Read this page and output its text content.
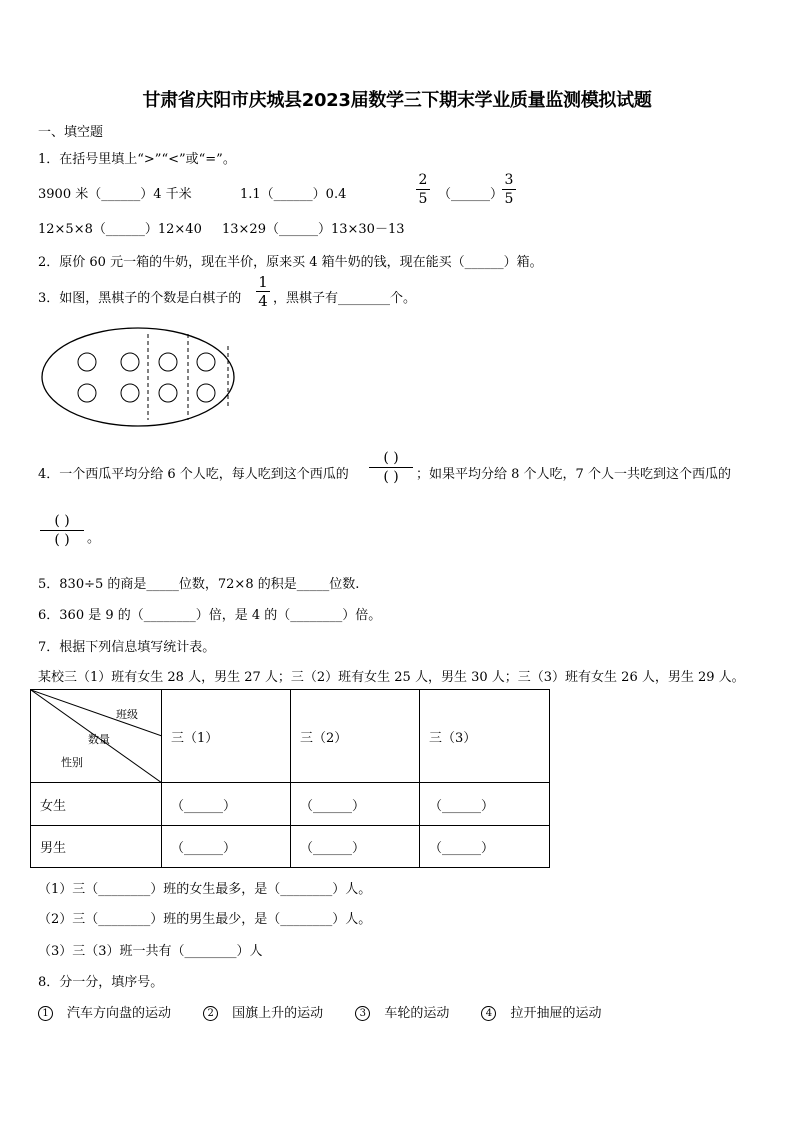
甘肃省庆阳市庆城县2023届数学三下期末学业质量监测模拟试题
一、填空题
1．在括号里填上“>”“<”或“=”。
3900 米（______）4 千米	1.1（______）0.4
2
5 （______）
3
5
12×5×8（______）12×40 13×29（______）13×30－13
2．原价 60 元一箱的牛奶，现在半价，原来买 4 箱牛奶的钱，现在能买（______）箱。
3．如图，黑棋子的个数是白棋子的
1
4 ，黑棋子有________个。
4．一个西瓜平均分给 6 个人吃，每人吃到这个西瓜的
( )
( )	；如果平均分给 8 个人吃，7 个人一共吃到这个西瓜的
( )
( )	。
5．830÷5 的商是_____位数，72×8 的积是_____位数.
6．360 是 9 的（________）倍，是 4 的（________）倍。
7．根据下列信息填写统计表。
某校三（1）班有女生 28 人，男生 27 人；三（2）班有女生 25 人，男生 30 人；三（3）班有女生 26 人，男生 29 人。
班级
数量
性别	三（1）	三（2）	三（3）
女生	（______）	（______）	（______）
男生	（______）	（______）	（______）
（1）三（________）班的女生最多，是（________）人。
（2）三（________）班的男生最少，是（________）人。
（3）三（3）班一共有（________）人
8．分一分，填序号。
1 汽车方向盘的运动	2 国旗上升的运动	3 车轮的运动	4 拉开抽屉的运动
